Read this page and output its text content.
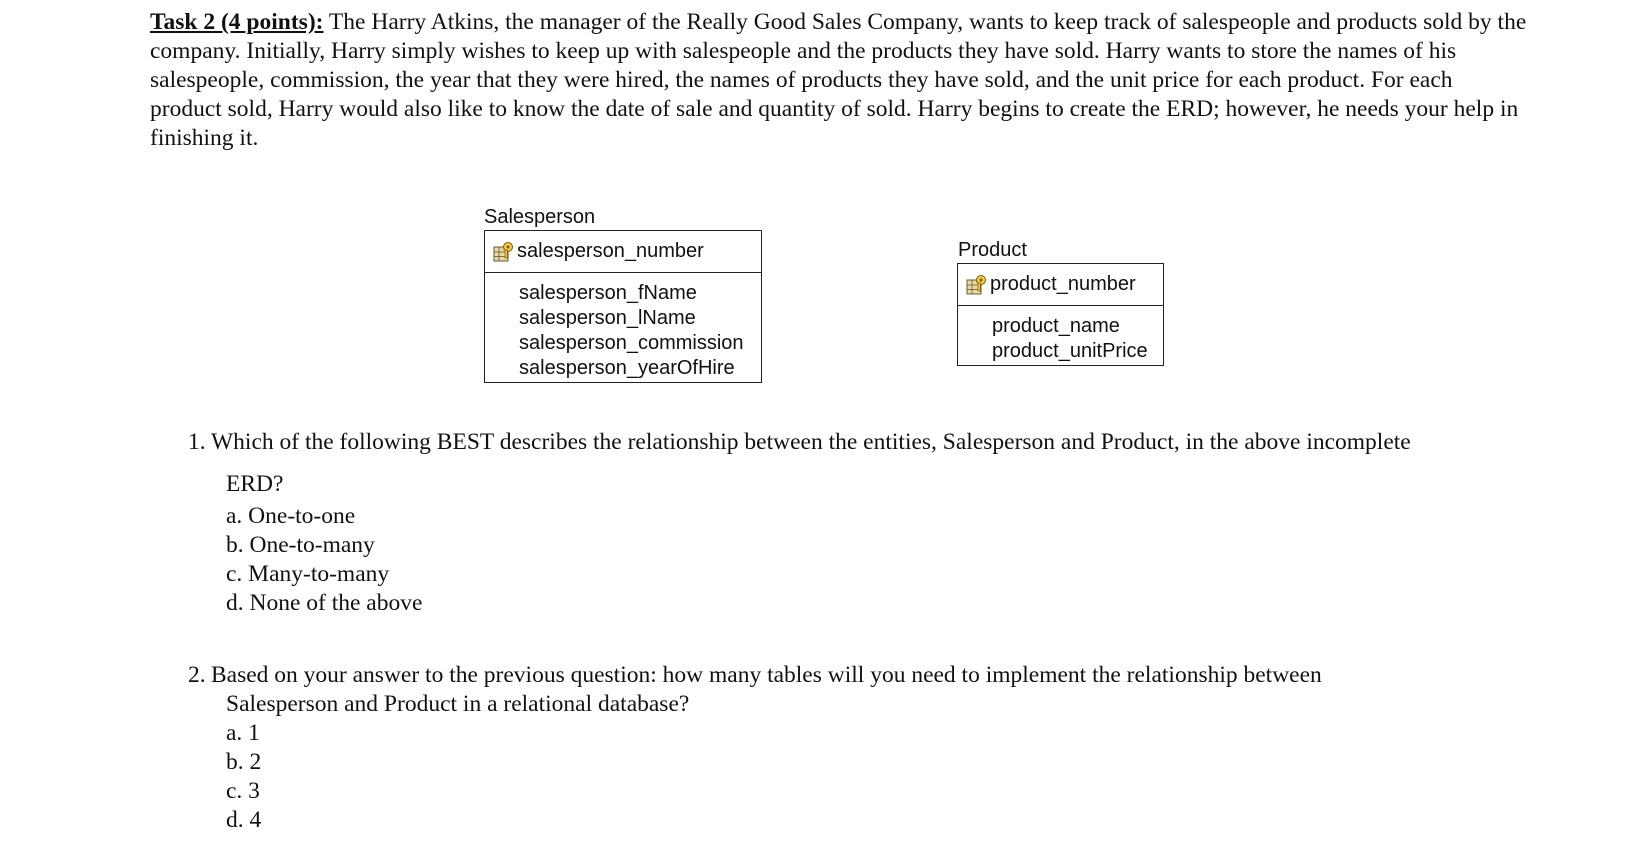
Task 2 (4 points): The Harry Atkins, the manager of the Really Good Sales Company, wants to keep track of salespeople and products sold by the company. Initially, Harry simply wishes to keep up with salespeople and the products they have sold. Harry wants to store the names of his salespeople, commission, the year that they were hired, the names of products they have sold, and the unit price for each product. For each product sold, Harry would also like to know the date of sale and quantity of sold. Harry begins to create the ERD; however, he needs your help in finishing it.

Salesperson
salesperson_number
salesperson_fName
salesperson_lName
salesperson_commission
salesperson_yearOfHire
Product
product_number
product_name
product_unitPrice
1. Which of the following BEST describes the relationship between the entities, Salesperson and Product, in the above incomplete
ERD?
a. One-to-one
b. One-to-many
c. Many-to-many
d. None of the above
2. Based on your answer to the previous question: how many tables will you need to implement the relationship between
Salesperson and Product in a relational database?
a. 1
b. 2
c. 3
d. 4
